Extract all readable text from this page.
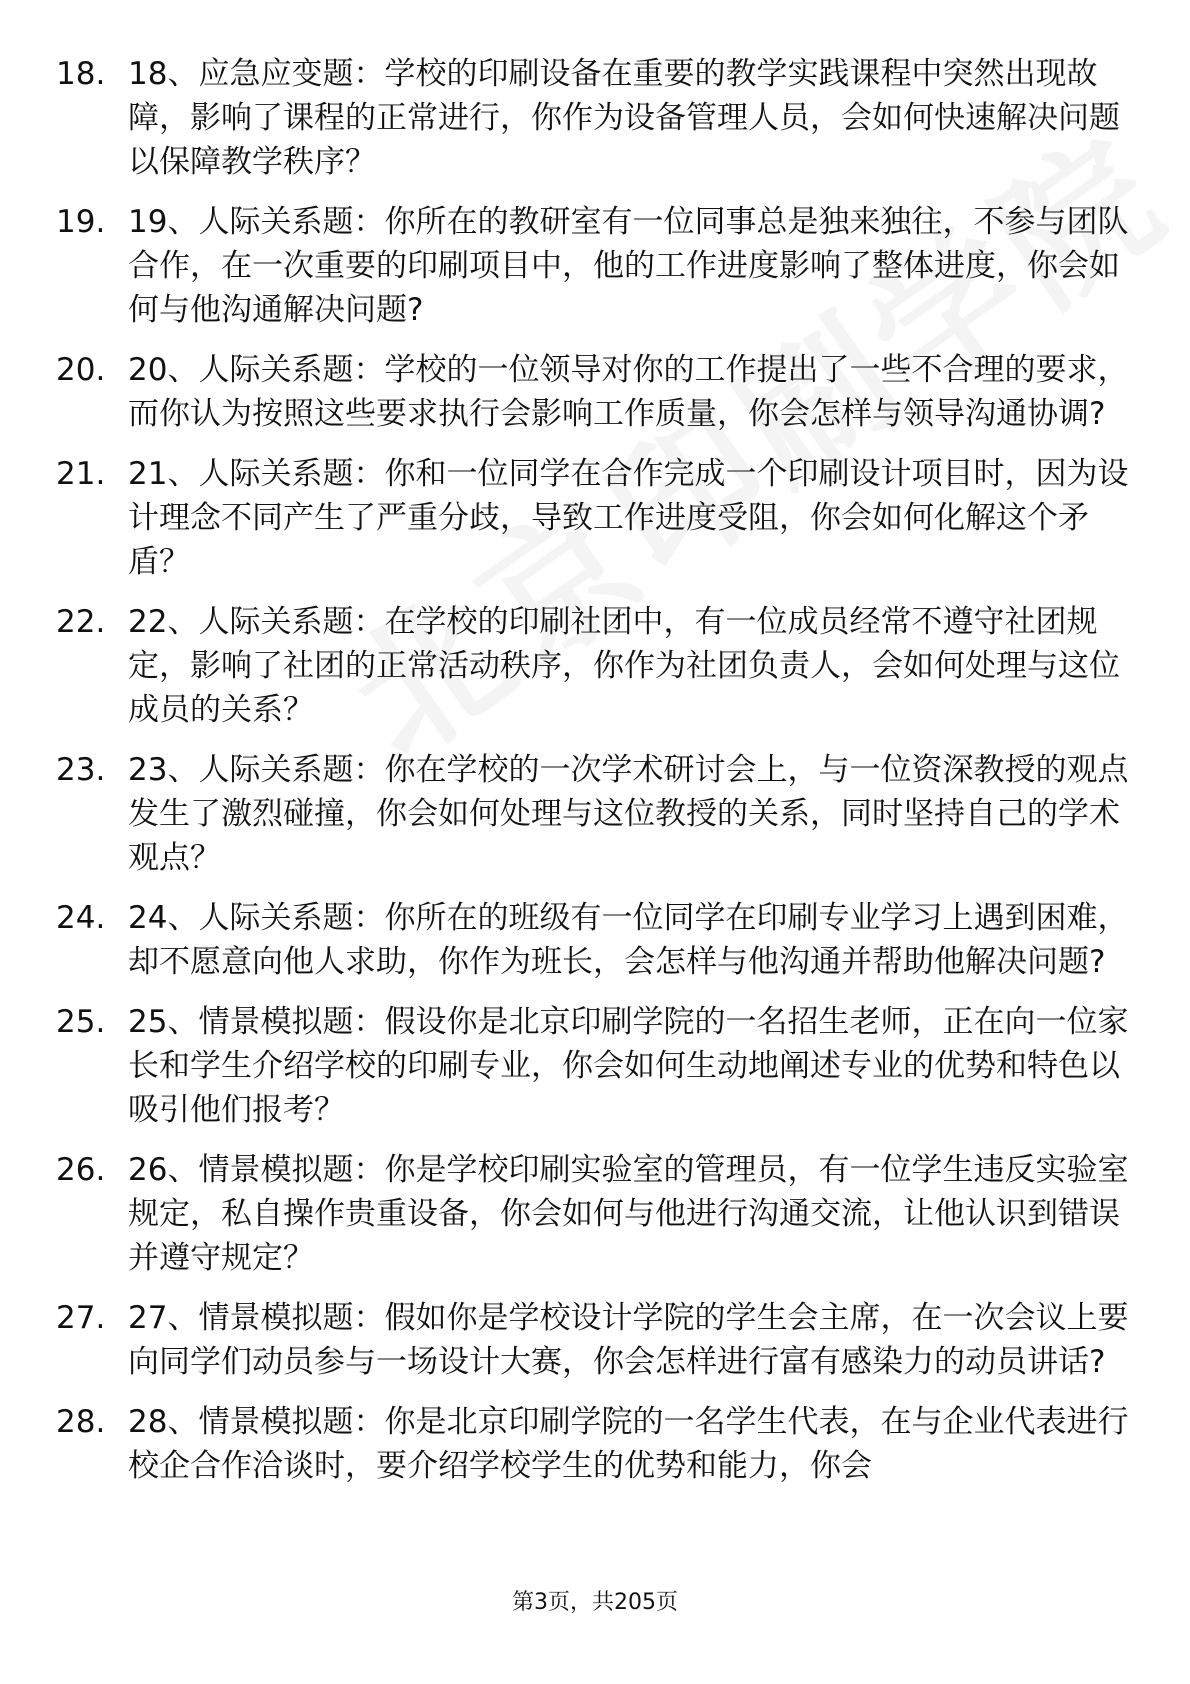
18. 18、应急应变题：学校的印刷设备在重要的教学实践课程中突然出现故障，影响了课程的正常进行，你作为设备管理人员，会如何快速解决问题以保障教学秩序？
19. 19、人际关系题：你所在的教研室有一位同事总是独来独往，不参与团队合作，在一次重要的印刷项目中，他的工作进度影响了整体进度，你会如何与他沟通解决问题?
20. 20、人际关系题：学校的一位领导对你的工作提出了一些不合理的要求，而你认为按照这些要求执行会影响工作质量，你会怎样与领导沟通协调?
21. 21、人际关系题：你和一位同学在合作完成一个印刷设计项目时，因为设计理念不同产生了严重分歧，导致工作进度受阻，你会如何化解这个矛盾？
22. 22、人际关系题：在学校的印刷社团中，有一位成员经常不遵守社团规定，影响了社团的正常活动秩序，你作为社团负责人，会如何处理与这位成员的关系？
23. 23、人际关系题：你在学校的一次学术研讨会上，与一位资深教授的观点发生了激烈碰撞，你会如何处理与这位教授的关系，同时坚持自己的学术观点？
24. 24、人际关系题：你所在的班级有一位同学在印刷专业学习上遇到困难，却不愿意向他人求助，你作为班长，会怎样与他沟通并帮助他解决问题?
25. 25、情景模拟题：假设你是北京印刷学院的一名招生老师，正在向一位家长和学生介绍学校的印刷专业，你会如何生动地阐述专业的优势和特色以吸引他们报考？
26. 26、情景模拟题：你是学校印刷实验室的管理员，有一位学生违反实验室规定，私自操作贵重设备，你会如何与他进行沟通交流，让他认识到错误并遵守规定？
27. 27、情景模拟题：假如你是学校设计学院的学生会主席，在一次会议上要向同学们动员参与一场设计大赛，你会怎样进行富有感染力的动员讲话?
28. 28、情景模拟题：你是北京印刷学院的一名学生代表，在与企业代表进行校企合作洽谈时，要介绍学校学生的优势和能力，你会
第3页，共205页
